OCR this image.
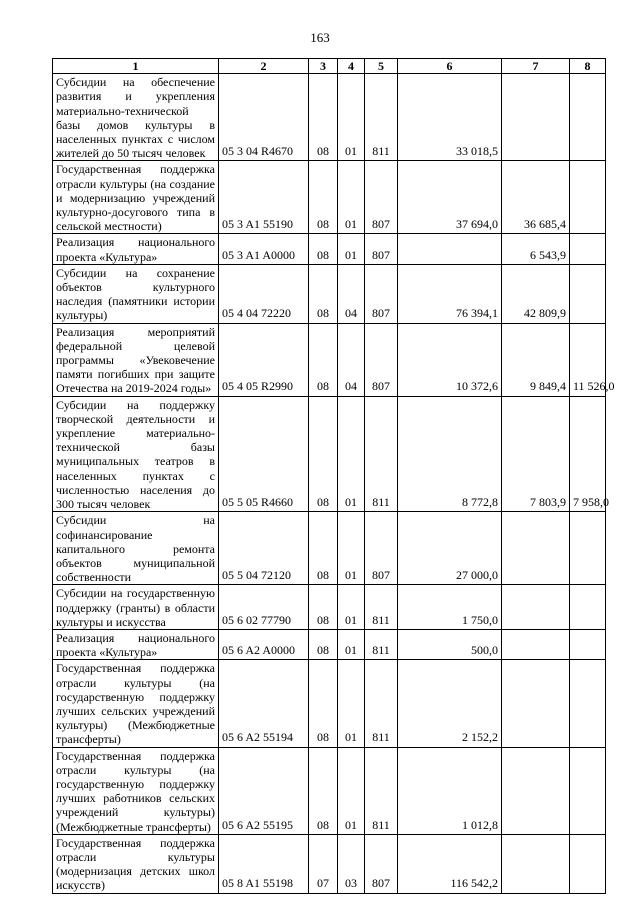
163
1	2	3	4	5	6	7	8
Субсидии на обеспечение развития и укрепления материально-технической базы домов культуры в населенных пунктах с числом жителей до 50 тысяч человек	05 3 04 R4670	08	01	811	33 018,5		
Государственная поддержка отрасли культуры (на создание и модернизацию учреждений культурно-досугового типа в сельской местности)	05 3 A1 55190	08	01	807	37 694,0	36 685,4	
Реализация национального проекта «Культура»	05 3 A1 A0000	08	01	807		6 543,9	
Субсидии на сохранение объектов культурного наследия (памятники истории культуры)	05 4 04 72220	08	04	807	76 394,1	42 809,9	
Реализация мероприятий федеральной целевой программы «Увековечение памяти погибших при защите Отечества на 2019-2024 годы»	05 4 05 R2990	08	04	807	10 372,6	9 849,4	11 526,0
Субсидии на поддержку творческой деятельности и укрепление материально-технической базы муниципальных театров в населенных пунктах с численностью населения до 300 тысяч человек	05 5 05 R4660	08	01	811	8 772,8	7 803,9	7 958,0
Субсидии на софинансирование капитального ремонта объектов муниципальной собственности	05 5 04 72120	08	01	807	27 000,0		
Субсидии на государственную поддержку (гранты) в области культуры и искусства	05 6 02 77790	08	01	811	1 750,0		
Реализация национального проекта «Культура»	05 6 A2 A0000	08	01	811	500,0		
Государственная поддержка отрасли культуры (на государственную поддержку лучших сельских учреждений культуры) (Межбюджетные трансферты)	05 6 A2 55194	08	01	811	2 152,2		
Государственная поддержка отрасли культуры (на государственную поддержку лучших работников сельских учреждений культуры) (Межбюджетные трансферты)	05 6 A2 55195	08	01	811	1 012,8		
Государственная поддержка отрасли культуры (модернизация детских школ искусств)	05 8 A1 55198	07	03	807	116 542,2		
